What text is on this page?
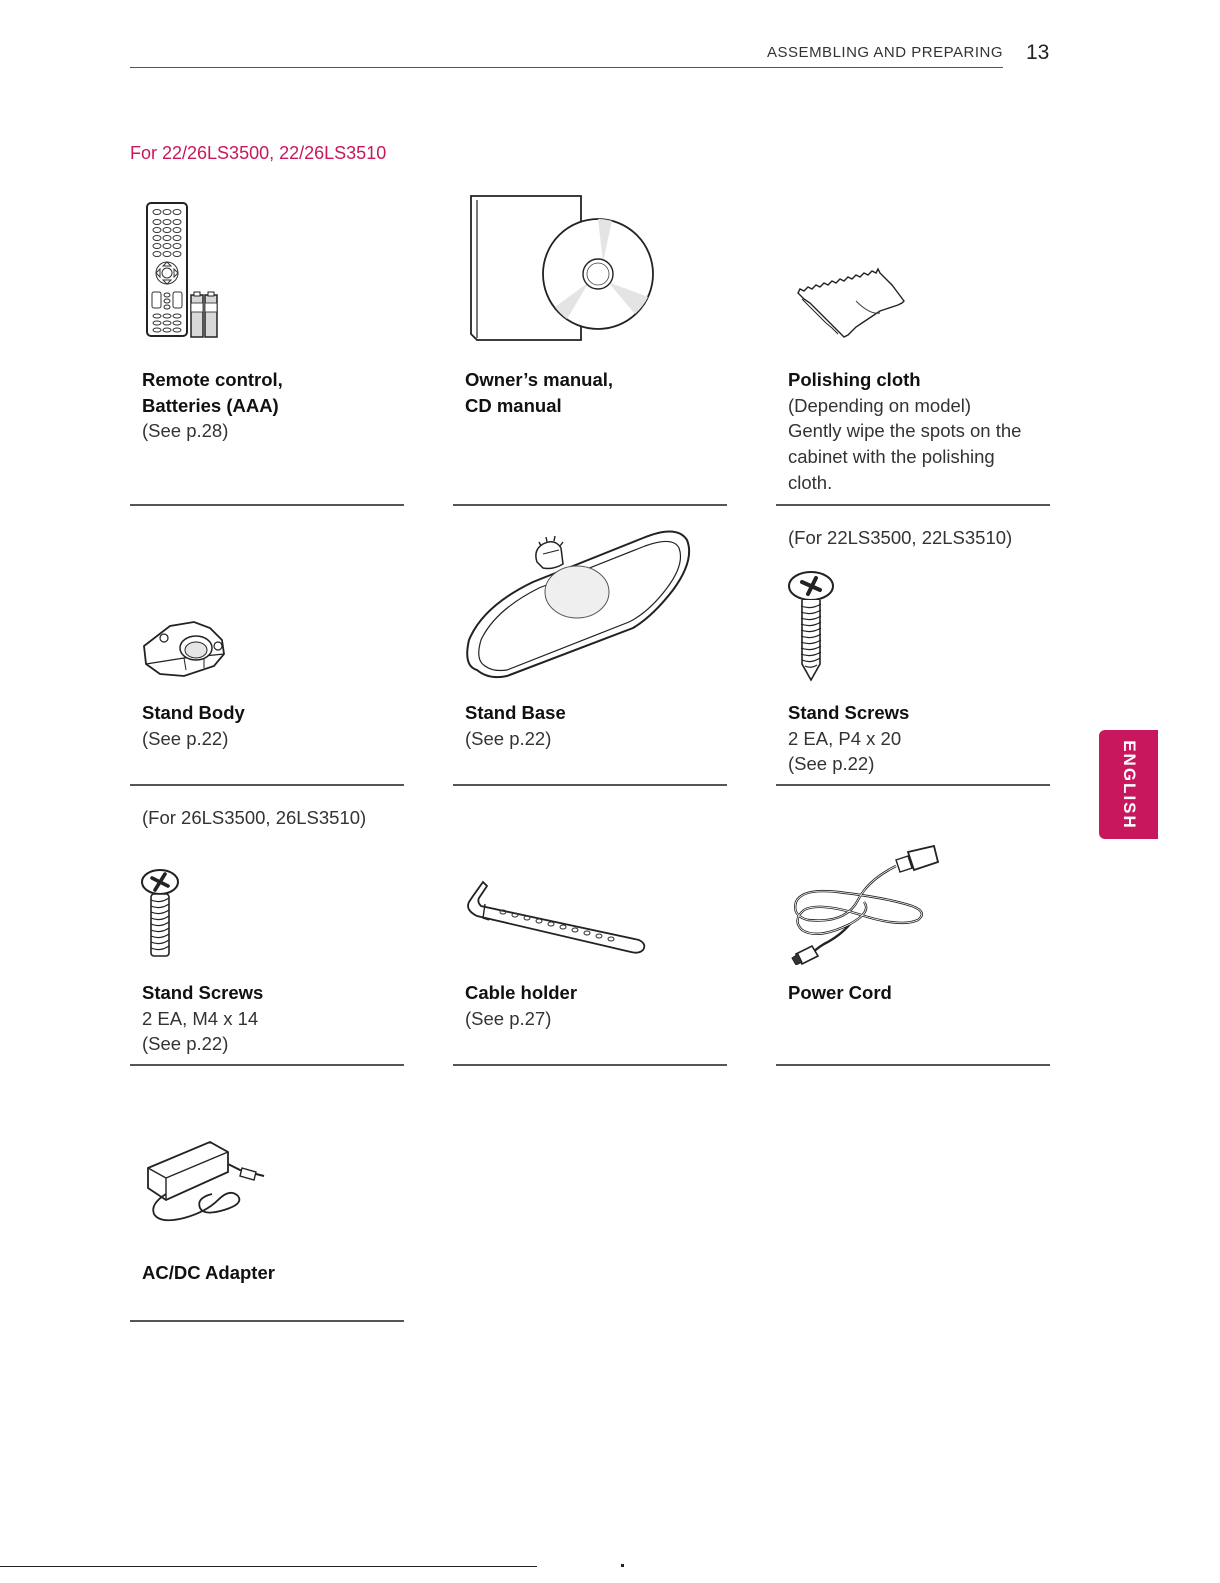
ASSEMBLING AND PREPARING 13
For 22/26LS3500, 22/26LS3510
ENGLISH
Remote control,
Batteries (AAA)
(See p.28)
Owner’s manual,
CD manual
Polishing cloth
(Depending on model)
Gently wipe the spots on the
cabinet with the polishing
cloth.
Stand Body
(See p.22)
Stand Base
(See p.22)
(For 22LS3500, 22LS3510)
Stand Screws
2 EA, P4 x 20
(See p.22)
(For 26LS3500, 26LS3510)
Stand Screws
2 EA, M4 x 14
(See p.22)
Cable holder
(See p.27)
Power Cord
AC/DC Adapter
